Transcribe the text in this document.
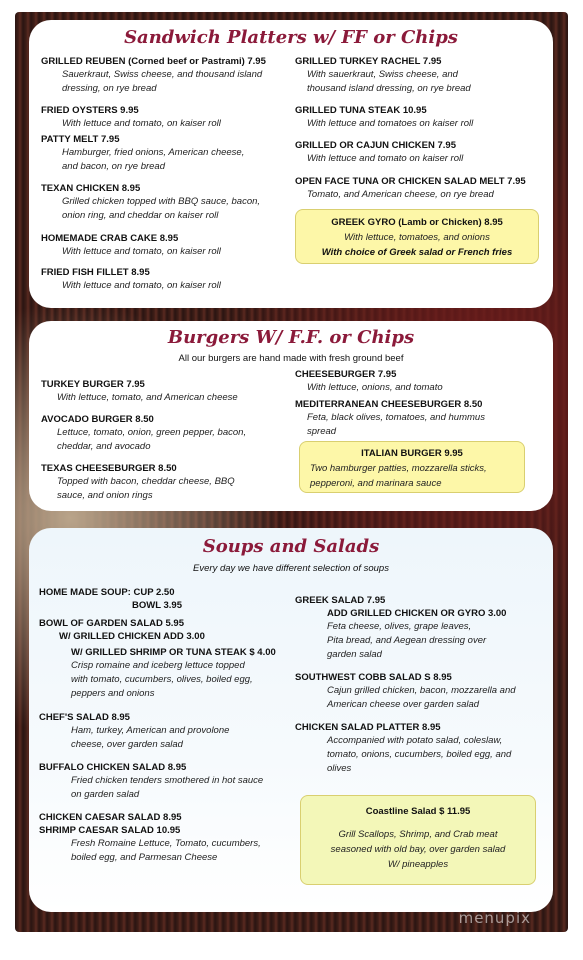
Sandwich Platters w/ FF or Chips
GRILLED REUBEN (Corned beef or Pastrami) 7.95
Sauerkraut, Swiss cheese, and thousand island
dressing, on rye bread
FRIED OYSTERS 9.95
With lettuce and tomato, on kaiser roll
PATTY MELT 7.95
Hamburger, fried onions, American cheese,
and bacon, on rye bread
TEXAN CHICKEN 8.95
Grilled chicken topped with BBQ sauce, bacon,
onion ring, and cheddar on kaiser roll
HOMEMADE CRAB CAKE 8.95
With lettuce and tomato, on kaiser roll
FRIED FISH FILLET 8.95
With lettuce and tomato, on kaiser roll
GRILLED TURKEY RACHEL 7.95
With sauerkraut, Swiss cheese, and
thousand island dressing, on rye bread
GRILLED TUNA STEAK 10.95
With lettuce and tomatoes on kaiser roll
GRILLED OR CAJUN CHICKEN 7.95
With lettuce and tomato on kaiser roll
OPEN FACE TUNA OR CHICKEN SALAD MELT 7.95
Tomato, and American cheese, on rye bread
GREEK GYRO (Lamb or Chicken) 8.95
With lettuce, tomatoes, and onions
With choice of Greek salad or French fries
Burgers W/ F.F. or Chips
All our burgers are hand made with fresh ground beef
TURKEY BURGER 7.95
With lettuce, tomato, and American cheese
AVOCADO BURGER 8.50
Lettuce, tomato, onion, green pepper, bacon,
cheddar, and avocado
TEXAS CHEESEBURGER 8.50
Topped with bacon, cheddar cheese, BBQ
sauce, and onion rings
CHEESEBURGER 7.95
With lettuce, onions, and tomato
MEDITERRANEAN CHEESEBURGER 8.50
Feta, black olives, tomatoes, and hummus
spread
ITALIAN BURGER 9.95
Two hamburger patties, mozzarella sticks,
pepperoni, and marinara sauce
Soups and Salads
Every day we have different selection of soups
HOME MADE SOUP: CUP 2.50
BOWL 3.95
BOWL OF GARDEN SALAD 5.95
W/ GRILLED CHICKEN ADD 3.00
W/ GRILLED SHRIMP OR TUNA STEAK $ 4.00
Crisp romaine and iceberg lettuce topped
with tomato, cucumbers, olives, boiled egg,
peppers and onions
CHEF'S SALAD 8.95
Ham, turkey, American and provolone
cheese, over garden salad
BUFFALO CHICKEN SALAD 8.95
Fried chicken tenders smothered in hot sauce
on garden salad
CHICKEN CAESAR SALAD 8.95
SHRIMP CAESAR SALAD 10.95
Fresh Romaine Lettuce, Tomato, cucumbers,
boiled egg, and Parmesan Cheese
GREEK SALAD 7.95
ADD GRILLED CHICKEN OR GYRO 3.00
Feta cheese, olives, grape leaves,
Pita bread, and Aegean dressing over
garden salad
SOUTHWEST COBB SALAD S 8.95
Cajun grilled chicken, bacon, mozzarella and
American cheese over garden salad
CHICKEN SALAD PLATTER 8.95
Accompanied with potato salad, coleslaw,
tomato, onions, cucumbers, boiled egg, and
olives
Coastline Salad $ 11.95
Grill Scallops, Shrimp, and Crab meat
seasoned with old bay, over garden salad
W/ pineapples
menupix
